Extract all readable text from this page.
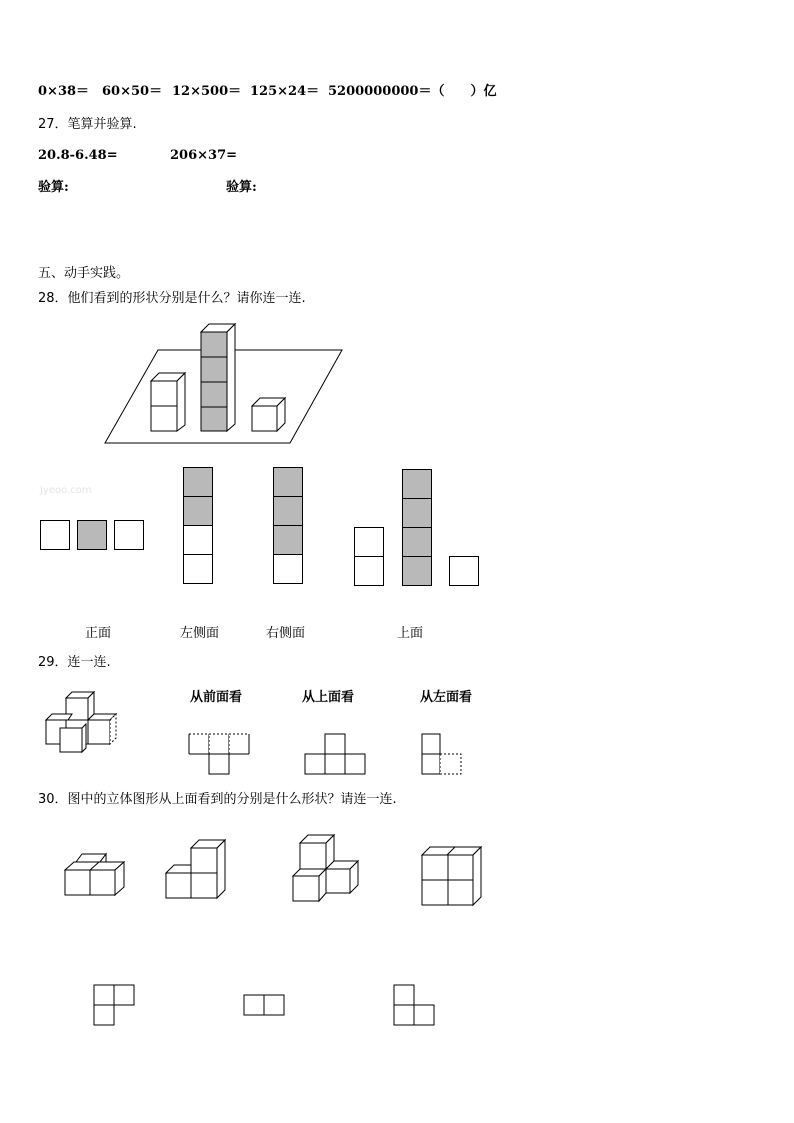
0×38＝ 60×50＝ 12×500＝ 125×24＝ 5200000000＝（　　）亿
27．笔算并验算.
20.8-6.48=	206×37=
验算:	验算:
五、动手实践。
28．他们看到的形状分别是什么？请你连一连.
Jyeoo.com
正面	左侧面	右侧面	上面
29．连一连.
从前面看	从上面看	从左面看
30．图中的立体图形从上面看到的分别是什么形状？请连一连.
